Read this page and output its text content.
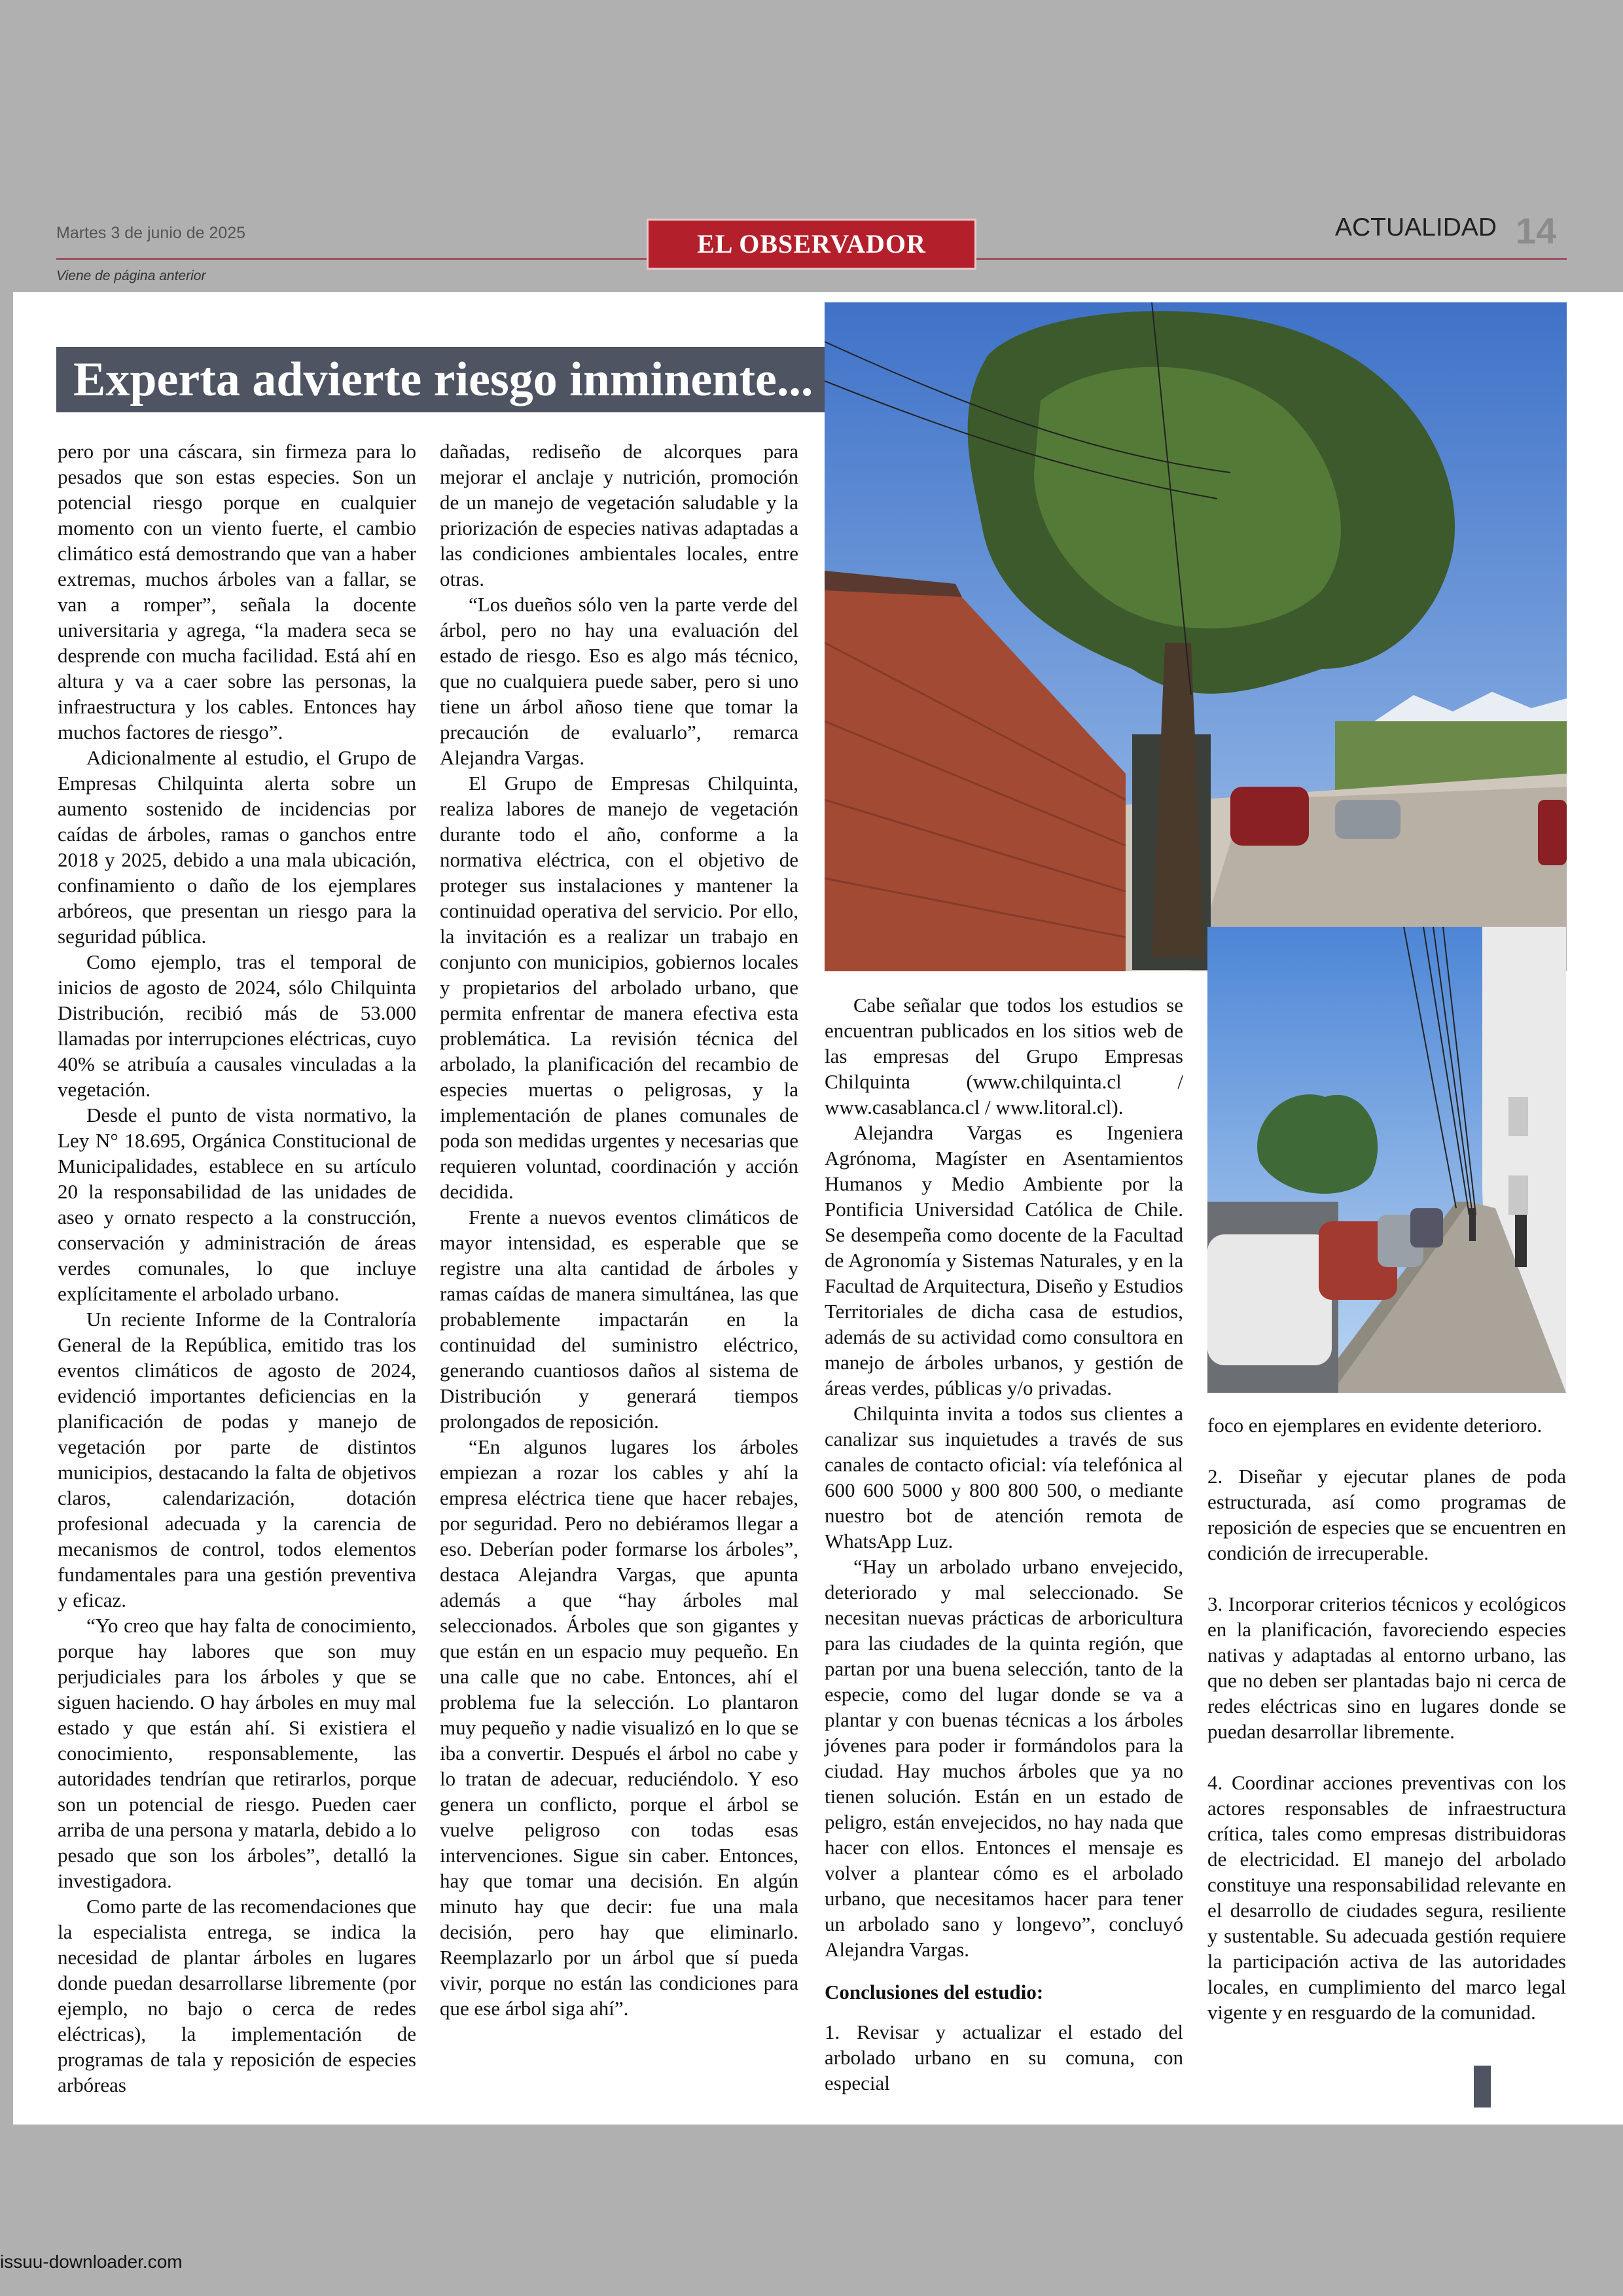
Martes 3 de junio de 2025	EL OBSERVADOR
ACTUALIDAD 14
Viene de página anterior
Experta advierte riesgo inminente...

pero por una cáscara, sin firmeza para lo pesados que son estas especies. Son un potencial riesgo porque en cualquier momento con un viento fuerte, el cambio climático está demostrando que van a haber extremas, muchos árboles van a fallar, se van a romper”, señala la docente universitaria y agrega, “la madera seca se desprende con mucha facilidad. Está ahí en altura y va a caer sobre las personas, la infraestructura y los cables. Entonces hay muchos factores de riesgo”.

Adicionalmente al estudio, el Grupo de Empresas Chilquinta alerta sobre un aumento sostenido de incidencias por caídas de árboles, ramas o ganchos entre 2018 y 2025, debido a una mala ubicación, confinamiento o daño de los ejemplares arbóreos, que presentan un riesgo para la seguridad pública.

Como ejemplo, tras el temporal de inicios de agosto de 2024, sólo Chilquinta Distribución, recibió más de 53.000 llamadas por interrupciones eléctricas, cuyo 40% se atribuía a causales vinculadas a la vegetación.

Desde el punto de vista normativo, la Ley N° 18.695, Orgánica Constitucional de Municipalidades, establece en su artículo 20 la responsabilidad de las unidades de aseo y ornato respecto a la construcción, conservación y administración de áreas verdes comunales, lo que incluye explícitamente el arbolado urbano.

Un reciente Informe de la Contraloría General de la República, emitido tras los eventos climáticos de agosto de 2024, evidenció importantes deficiencias en la planificación de podas y manejo de vegetación por parte de distintos municipios, destacando la falta de objetivos claros, calendarización, dotación profesional adecuada y la carencia de mecanismos de control, todos elementos fundamentales para una gestión preventiva y eficaz.

“Yo creo que hay falta de conocimiento, porque hay labores que son muy perjudiciales para los árboles y que se siguen haciendo. O hay árboles en muy mal estado y que están ahí. Si existiera el conocimiento, responsablemente, las autoridades tendrían que retirarlos, porque son un potencial de riesgo. Pueden caer arriba de una persona y matarla, debido a lo pesado que son los árboles”, detalló la investigadora.

Como parte de las recomendaciones que la especialista entrega, se indica la necesidad de plantar árboles en lugares donde puedan desarrollarse libremente (por ejemplo, no bajo o cerca de redes eléctricas), la implementación de programas de tala y reposición de especies arbóreas

dañadas, rediseño de alcorques para mejorar el anclaje y nutrición, promoción de un manejo de vegetación saludable y la priorización de especies nativas adaptadas a las condiciones ambientales locales, entre otras.

“Los dueños sólo ven la parte verde del árbol, pero no hay una evaluación del estado de riesgo. Eso es algo más técnico, que no cualquiera puede saber, pero si uno tiene un árbol añoso tiene que tomar la precaución de evaluarlo”, remarca Alejandra Vargas.

El Grupo de Empresas Chilquinta, realiza labores de manejo de vegetación durante todo el año, conforme a la normativa eléctrica, con el objetivo de proteger sus instalaciones y mantener la continuidad operativa del servicio. Por ello, la invitación es a realizar un trabajo en conjunto con municipios, gobiernos locales y propietarios del arbolado urbano, que permita enfrentar de manera efectiva esta problemática. La revisión técnica del arbolado, la planificación del recambio de especies muertas o peligrosas, y la implementación de planes comunales de poda son medidas urgentes y necesarias que requieren voluntad, coordinación y acción decidida.

Frente a nuevos eventos climáticos de mayor intensidad, es esperable que se registre una alta cantidad de árboles y ramas caídas de manera simultánea, las que probablemente impactarán en la continuidad del suministro eléctrico, generando cuantiosos daños al sistema de Distribución y generará tiempos prolongados de reposición.

“En algunos lugares los árboles empiezan a rozar los cables y ahí la empresa eléctrica tiene que hacer rebajes, por seguridad. Pero no debiéramos llegar a eso. Deberían poder formarse los árboles”, destaca Alejandra Vargas, que apunta además a que “hay árboles mal seleccionados. Árboles que son gigantes y que están en un espacio muy pequeño. En una calle que no cabe. Entonces, ahí el problema fue la selección. Lo plantaron muy pequeño y nadie visualizó en lo que se iba a convertir. Después el árbol no cabe y lo tratan de adecuar, reduciéndolo. Y eso genera un conflicto, porque el árbol se vuelve peligroso con todas esas intervenciones. Sigue sin caber. Entonces, hay que tomar una decisión. En algún minuto hay que decir: fue una mala decisión, pero hay que eliminarlo. Reemplazarlo por un árbol que sí pueda vivir, porque no están las condiciones para que ese árbol siga ahí”.

Cabe señalar que todos los estudios se encuentran publicados en los sitios web de las empresas del Grupo Empresas Chilquinta (www.chilquinta.cl / www.casablanca.cl / www.litoral.cl).

Alejandra Vargas es Ingeniera Agrónoma, Magíster en Asentamientos Humanos y Medio Ambiente por la Pontificia Universidad Católica de Chile. Se desempeña como docente de la Facultad de Agronomía y Sistemas Naturales, y en la Facultad de Arquitectura, Diseño y Estudios Territoriales de dicha casa de estudios, además de su actividad como consultora en manejo de árboles urbanos, y gestión de áreas verdes, públicas y/o privadas.

Chilquinta invita a todos sus clientes a canalizar sus inquietudes a través de sus canales de contacto oficial: vía telefónica al 600 600 5000 y 800 800 500, o mediante nuestro bot de atención remota de WhatsApp Luz.

“Hay un arbolado urbano envejecido, deteriorado y mal seleccionado. Se necesitan nuevas prácticas de arboricultura para las ciudades de la quinta región, que partan por una buena selección, tanto de la especie, como del lugar donde se va a plantar y con buenas técnicas a los árboles jóvenes para poder ir formándolos para la ciudad. Hay muchos árboles que ya no tienen solución. Están en un estado de peligro, están envejecidos, no hay nada que hacer con ellos. Entonces el mensaje es volver a plantear cómo es el arbolado urbano, que necesitamos hacer para tener un arbolado sano y longevo”, concluyó Alejandra Vargas.

Conclusiones del estudio:

1. Revisar y actualizar el estado del arbolado urbano en su comuna, con especial

foco en ejemplares en evidente deterioro.

2. Diseñar y ejecutar planes de poda estructurada, así como programas de reposición de especies que se encuentren en condición de irrecuperable.

3. Incorporar criterios técnicos y ecológicos en la planificación, favoreciendo especies nativas y adaptadas al entorno urbano, las que no deben ser plantadas bajo ni cerca de redes eléctricas sino en lugares donde se puedan desarrollar libremente.

4. Coordinar acciones preventivas con los actores responsables de infraestructura crítica, tales como empresas distribuidoras de electricidad. El manejo del arbolado constituye una responsabilidad relevante en el desarrollo de ciudades segura, resiliente y sustentable. Su adecuada gestión requiere la participación activa de las autoridades locales, en cumplimiento del marco legal vigente y en resguardo de la comunidad.

issuu-downloader.com
